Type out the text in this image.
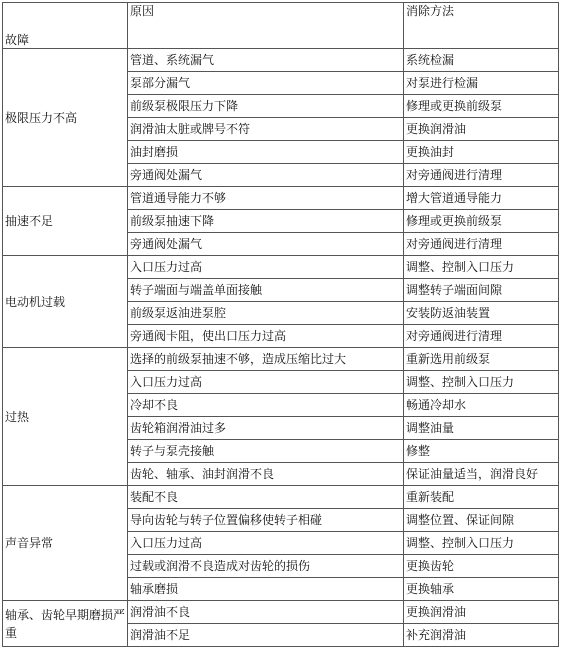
故障	原因	消除方法
极限压力不高	管道、系统漏气	系统检漏
	泵部分漏气	对泵进行检漏
	前级泵极限压力下降	修理或更换前级泵
	润滑油太脏或牌号不符	更换润滑油
	油封磨损	更换油封
	旁通阀处漏气	对旁通阀进行清理
抽速不足	管道通导能力不够	增大管道通导能力
	前级泵抽速下降	修理或更换前级泵
	旁通阀处漏气	对旁通阀进行清理
电动机过载	入口压力过高	调整、控制入口压力
	转子端面与端盖单面接触	调整转子端面间隙
	前级泵返油进泵腔	安装防返油装置
	旁通阀卡阻，使出口压力过高	对旁通阀进行清理
过热	选择的前级泵抽速不够，造成压缩比过大	重新选用前级泵
	入口压力过高	调整、控制入口压力
	冷却不良	畅通冷却水
	齿轮箱润滑油过多	调整油量
	转子与泵壳接触	修整
	齿轮、轴承、油封润滑不良	保证油量适当，润滑良好
声音异常	装配不良	重新装配
	导向齿轮与转子位置偏移使转子相碰	调整位置、保证间隙
	入口压力过高	调整、控制入口压力
	过载或润滑不良造成对齿轮的损伤	更换齿轮
	轴承磨损	更换轴承
轴承、齿轮早期磨损严重	润滑油不良	更换润滑油
	润滑油不足	补充润滑油
